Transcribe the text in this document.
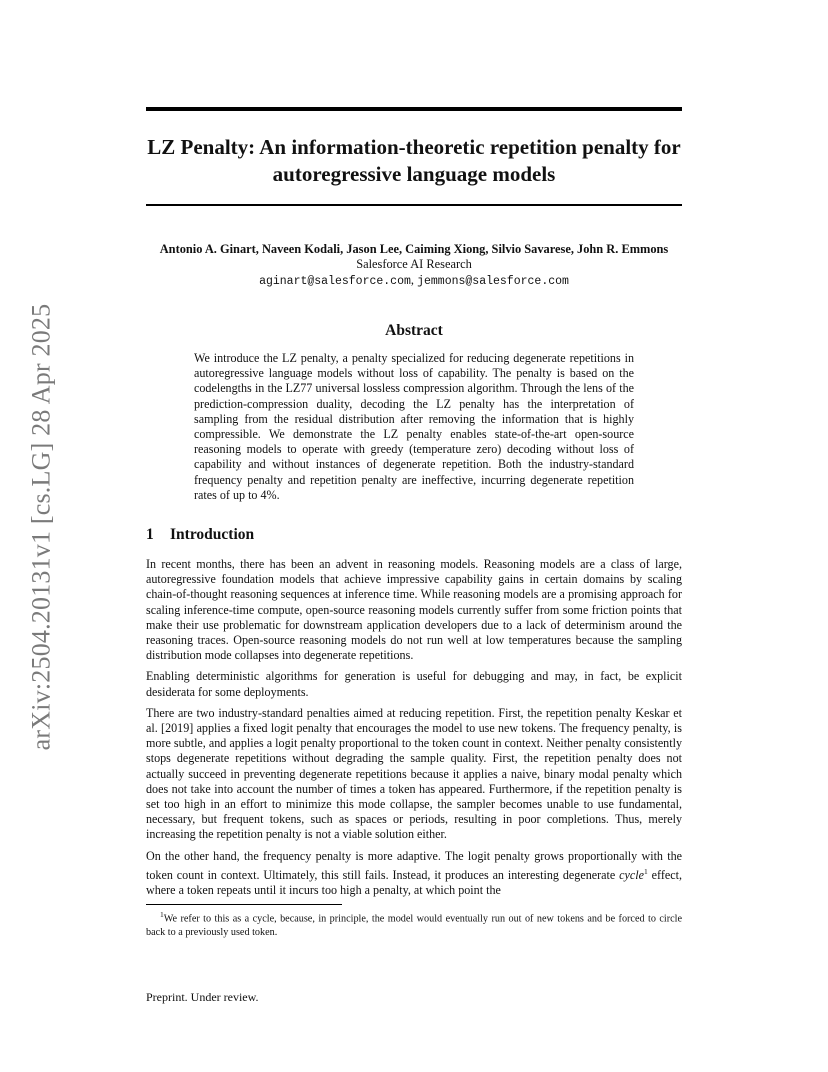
arXiv:2504.20131v1 [cs.LG] 28 Apr 2025
LZ Penalty: An information-theoretic repetition penalty for autoregressive language models
Antonio A. Ginart, Naveen Kodali, Jason Lee, Caiming Xiong, Silvio Savarese, John R. Emmons
Salesforce AI Research
aginart@salesforce.com, jemmons@salesforce.com
Abstract
We introduce the LZ penalty, a penalty specialized for reducing degenerate repetitions in autoregressive language models without loss of capability. The penalty is based on the codelengths in the LZ77 universal lossless compression algorithm. Through the lens of the prediction-compression duality, decoding the LZ penalty has the interpretation of sampling from the residual distribution after removing the information that is highly compressible. We demonstrate the LZ penalty enables state-of-the-art open-source reasoning models to operate with greedy (temperature zero) decoding without loss of capability and without instances of degenerate repetition. Both the industry-standard frequency penalty and repetition penalty are ineffective, incurring degenerate repetition rates of up to 4%.
1 Introduction

In recent months, there has been an advent in reasoning models. Reasoning models are a class of large, autoregressive foundation models that achieve impressive capability gains in certain domains by scaling chain-of-thought reasoning sequences at inference time. While reasoning models are a promising approach for scaling inference-time compute, open-source reasoning models currently suffer from some friction points that make their use problematic for downstream application developers due to a lack of determinism around the reasoning traces. Open-source reasoning models do not run well at low temperatures because the sampling distribution mode collapses into degenerate repetitions.

Enabling deterministic algorithms for generation is useful for debugging and may, in fact, be explicit desiderata for some deployments.

There are two industry-standard penalties aimed at reducing repetition. First, the repetition penalty Keskar et al. [2019] applies a fixed logit penalty that encourages the model to use new tokens. The frequency penalty, is more subtle, and applies a logit penalty proportional to the token count in context. Neither penalty consistently stops degenerate repetitions without degrading the sample quality. First, the repetition penalty does not actually succeed in preventing degenerate repetitions because it applies a naive, binary modal penalty which does not take into account the number of times a token has appeared. Furthermore, if the repetition penalty is set too high in an effort to minimize this mode collapse, the sampler becomes unable to use fundamental, necessary, but frequent tokens, such as spaces or periods, resulting in poor completions. Thus, merely increasing the repetition penalty is not a viable solution either.

On the other hand, the frequency penalty is more adaptive. The logit penalty grows proportionally with the token count in context. Ultimately, this still fails. Instead, it produces an interesting degenerate cycle$^1$ effect, where a token repeats until it incurs too high a penalty, at which point the

$^1$We refer to this as a cycle, because, in principle, the model would eventually run out of new tokens and be forced to circle back to a previously used token.
Preprint. Under review.
